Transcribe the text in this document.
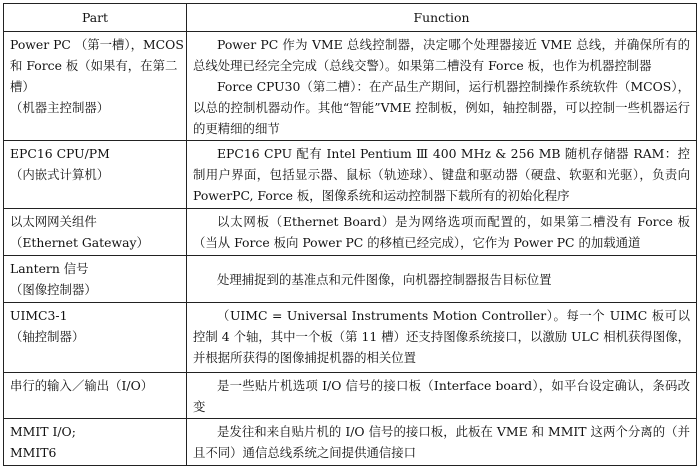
Part	Function

Power PC （第一槽），MCOS
和 Force 板（如果有，在第二
槽）
（机器主控制器）	Power PC 作为 VME 总线控制器，决定哪个处理器接近 VME 总线，并确保所有的总线处理已经完全完成（总线交警）。如果第二槽没有 Force 板，也作为机器控制器
Force CPU30（第二槽）：在产品生产期间，运行机器控制操作系统软件（MCOS），以总的控制机器动作。其他“智能”VME 控制板，例如，轴控制器，可以控制一些机器运行的更精细的细节

EPC16 CPU/PM
（内嵌式计算机）	EPC16 CPU 配有 Intel Pentium Ⅲ 400 MHz & 256 MB 随机存储器 RAM：控制用户界面，包括显示器、鼠标（轨迹球）、键盘和驱动器（硬盘、软驱和光驱），负责向 PowerPC, Force 板，图像系统和运动控制器下载所有的初始化程序

以太网网关组件
（Ethernet Gateway）	以太网板（Ethernet Board）是为网络选项而配置的，如果第二槽没有 Force 板（当从 Force 板向 Power PC 的移植已经完成），它作为 Power PC 的加载通道

Lantern 信号
（图像控制器）	处理捕捉到的基准点和元件图像，向机器控制器报告目标位置

UIMC3-1
（轴控制器）	（UIMC = Universal Instruments Motion Controller）。每一个 UIMC 板可以控制 4 个轴，其中一个板（第 11 槽）还支持图像系统接口，以激励 ULC 相机获得图像，并根据所获得的图像捕捉机器的相关位置

串行的输入／输出（I/O）	是一些贴片机选项 I/O 信号的接口板（Interface board），如平台设定确认，条码改变

MMIT I/O;
MMIT6	是发往和来自贴片机的 I/O 信号的接口板，此板在 VME 和 MMIT 这两个分离的（并且不同）通信总线系统之间提供通信接口
